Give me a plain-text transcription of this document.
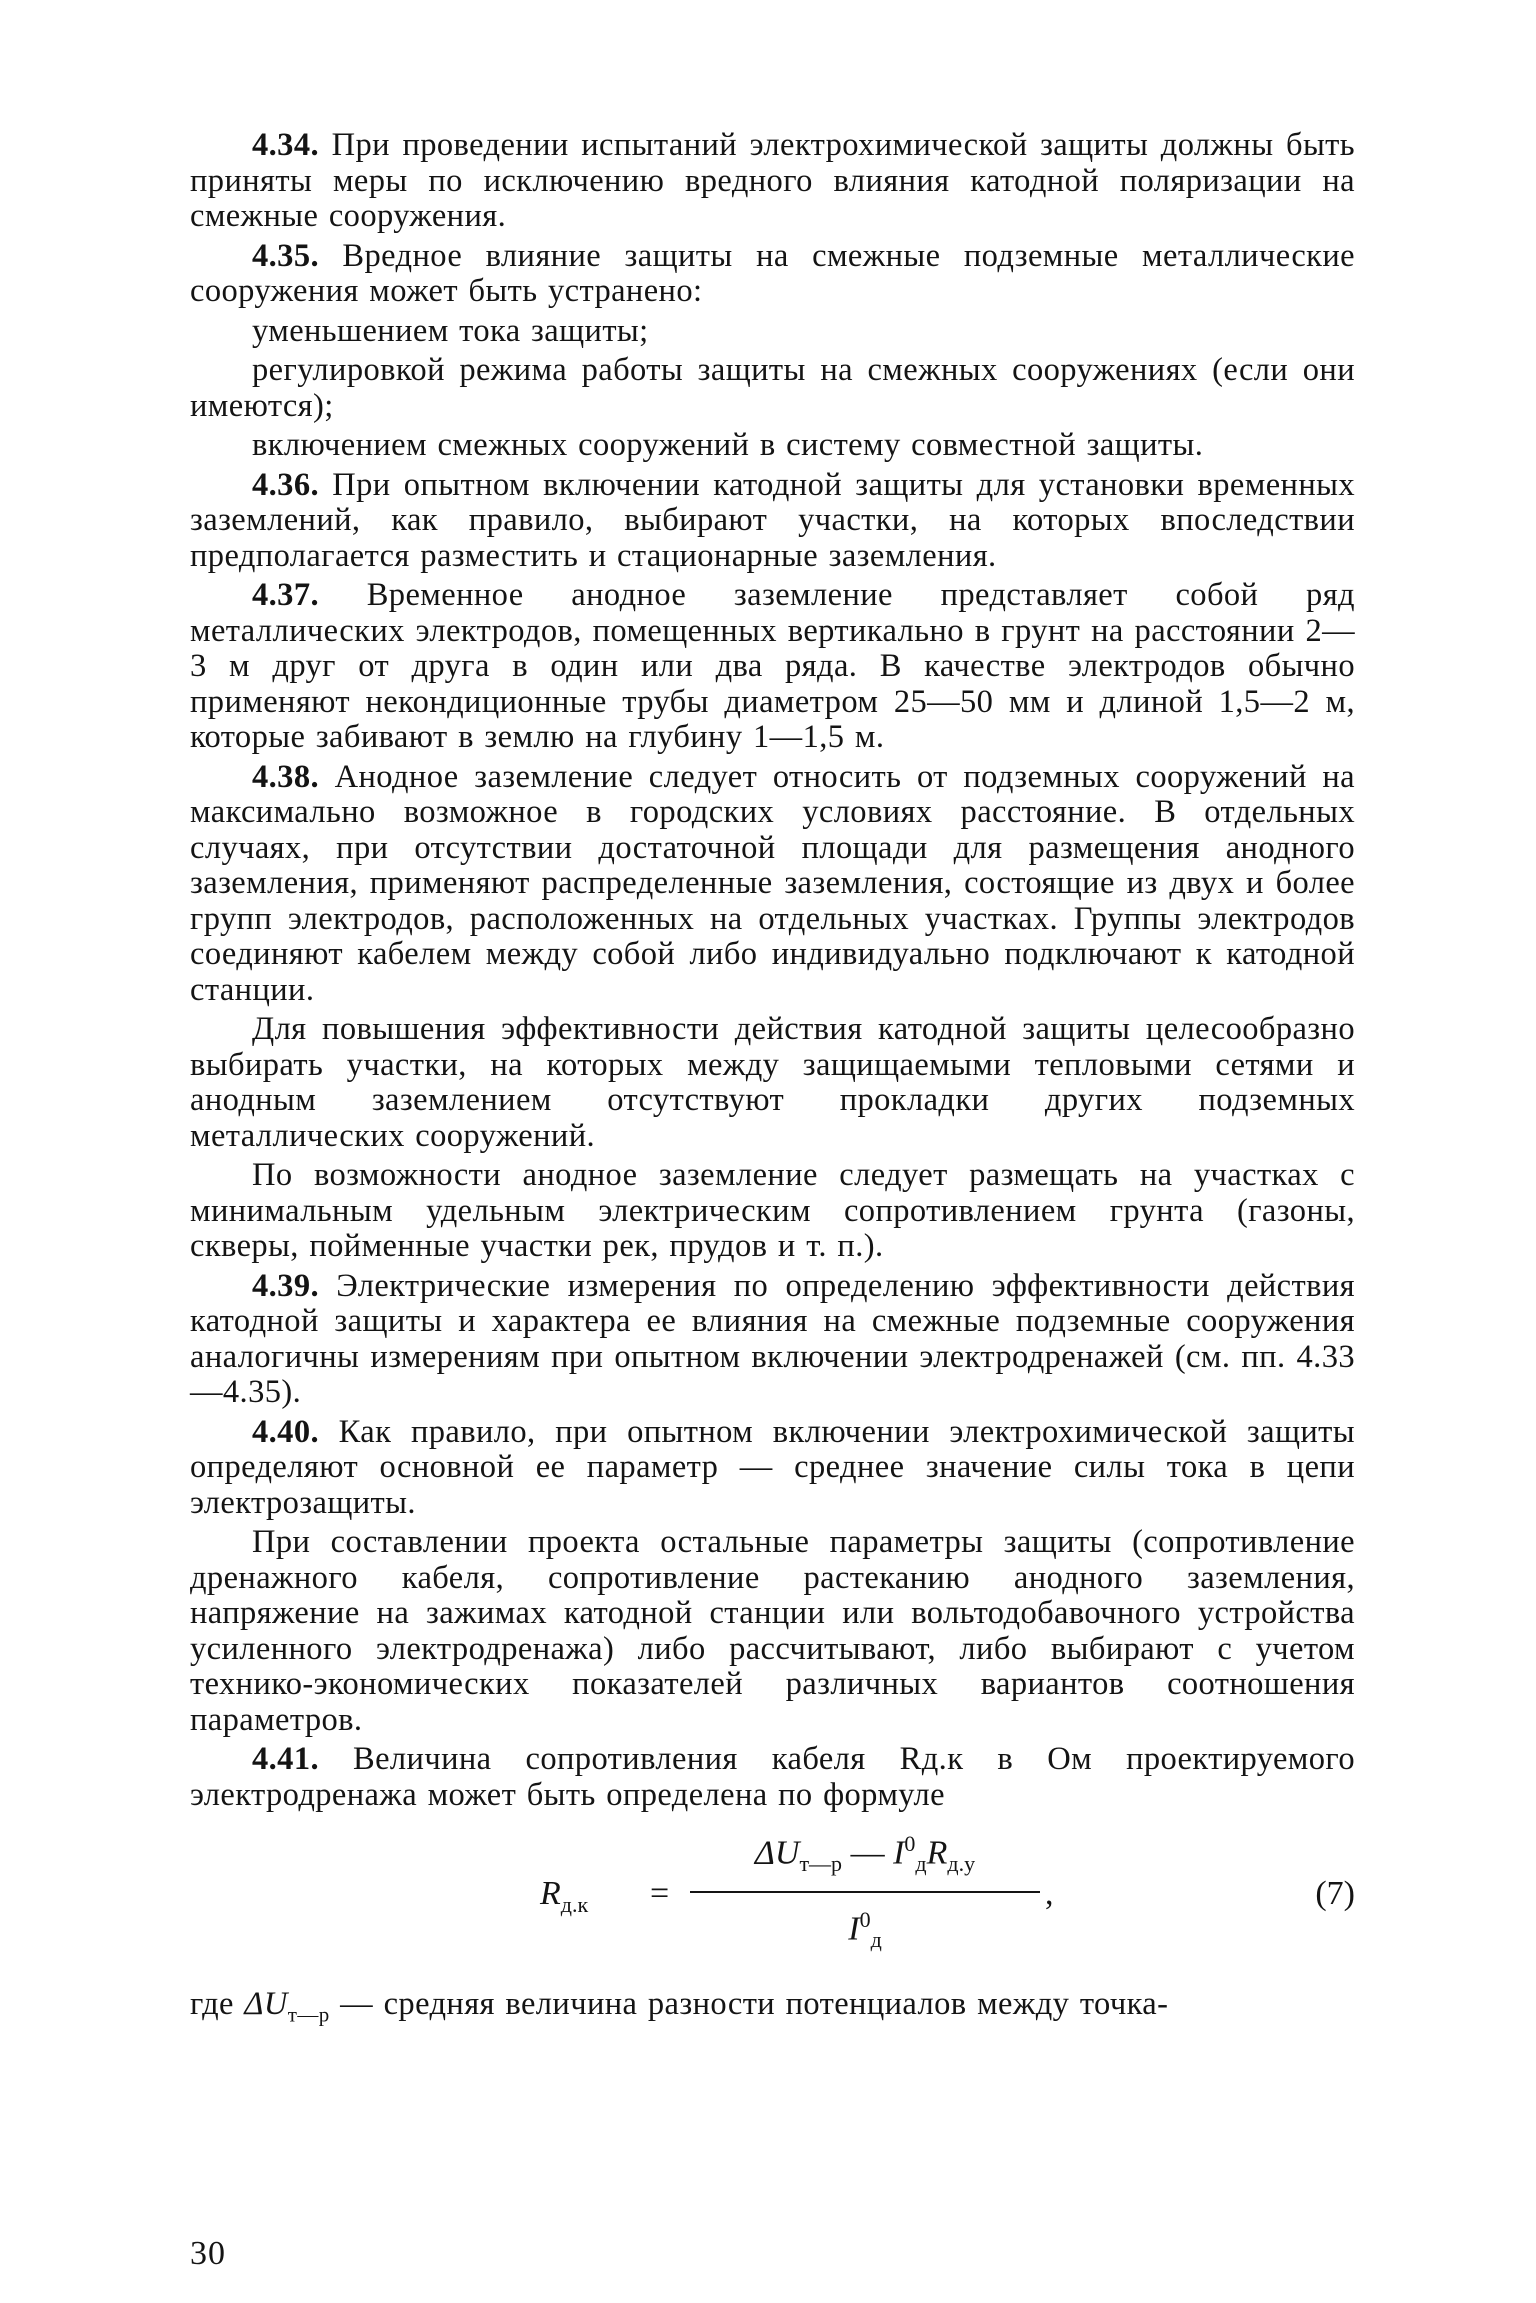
4.34. При проведении испытаний электрохимической защиты должны быть приняты меры по исключению вредного влияния катодной поляризации на смежные сооружения.

4.35. Вредное влияние защиты на смежные подземные металлические сооружения может быть устранено:

уменьшением тока защиты;

регулировкой режима работы защиты на смежных сооружениях (если они имеются);

включением смежных сооружений в систему совместной защиты.

4.36. При опытном включении катодной защиты для установки временных заземлений, как правило, выбирают участки, на которых впоследствии предполагается разместить и стационарные заземления.

4.37. Временное анодное заземление представляет собой ряд металлических электродов, помещенных вертикально в грунт на расстоянии 2—3 м друг от друга в один или два ряда. В качестве электродов обычно применяют некондиционные трубы диаметром 25—50 мм и длиной 1,5—2 м, которые забивают в землю на глубину 1—1,5 м.

4.38. Анодное заземление следует относить от подземных сооружений на максимально возможное в городских условиях расстояние. В отдельных случаях, при отсутствии достаточной площади для размещения анодного заземления, применяют распределенные заземления, состоящие из двух и более групп электродов, расположенных на отдельных участках. Группы электродов соединяют кабелем между собой либо индивидуально подключают к катодной станции.

Для повышения эффективности действия катодной защиты целесообразно выбирать участки, на которых между защищаемыми тепловыми сетями и анодным заземлением отсутствуют прокладки других подземных металлических сооружений.

По возможности анодное заземление следует размещать на участках с минимальным удельным электрическим сопротивлением грунта (газоны, скверы, пойменные участки рек, прудов и т. п.).

4.39. Электрические измерения по определению эффективности действия катодной защиты и характера ее влияния на смежные подземные сооружения аналогичны измерениям при опытном включении электродренажей (см. пп. 4.33—4.35).

4.40. Как правило, при опытном включении электрохимической защиты определяют основной ее параметр — среднее значение силы тока в цепи электрозащиты.

При составлении проекта остальные параметры защиты (сопротивление дренажного кабеля, сопротивление растеканию анодного заземления, напряжение на зажимах катодной станции или вольтодобавочного устройства усиленного электродренажа) либо рассчитывают, либо выбирают с учетом технико-экономических показателей различных вариантов соотношения параметров.

4.41. Величина сопротивления кабеля Rд.к в Ом проектируемого электродренажа может быть определена по формуле

$R_{д.к}$ =
$\Delta U_{т—р}$ — $I^0_дR_{д.у}$
$I^0_д$
,	(7)

где $\Delta U_{т—р}$ — средняя величина разности потенциалов между точка-

30
